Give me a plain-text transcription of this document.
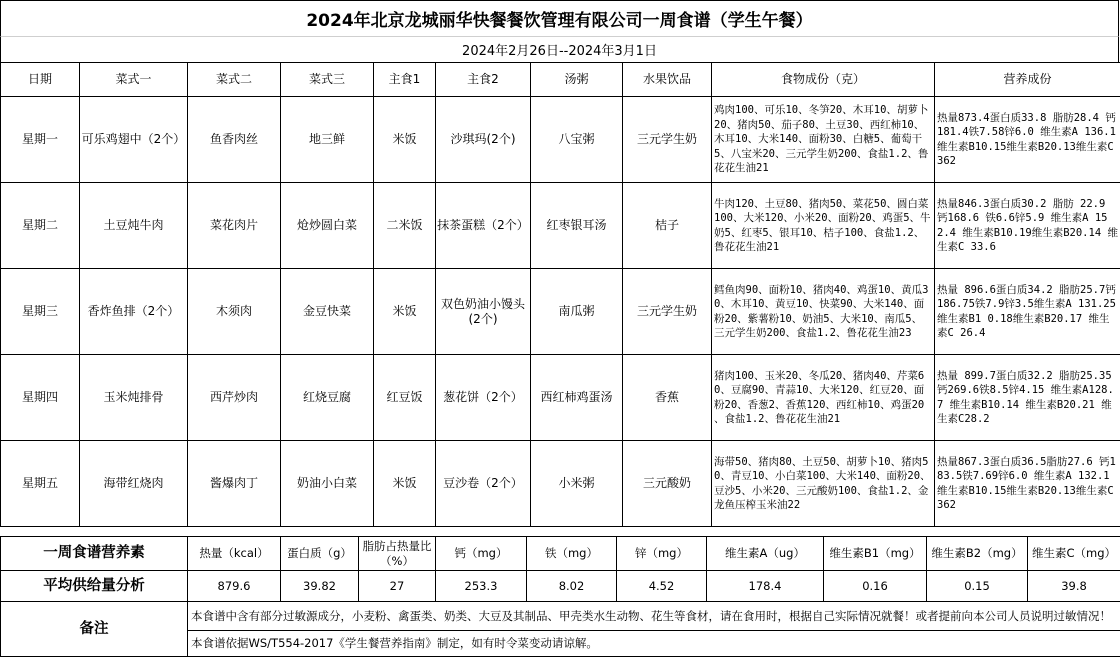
2024年北京龙城丽华快餐餐饮管理有限公司一周食谱（学生午餐）
2024年2月26日--2024年3月1日
日期	菜式一	菜式二	菜式三	主食1	主食2	汤粥	水果饮品	食物成份（克）	营养成份
星期一	可乐鸡翅中（2个）	鱼香肉丝	地三鲜	米饭	沙琪玛(2个)	八宝粥	三元学生奶	鸡肉100、可乐10、冬笋20、木耳10、胡萝卜20、猪肉50、茄子80、土豆30、西红柿10、木耳10、大米140、面粉30、白糖5、葡萄干5、八宝米20、三元学生奶200、食盐1.2、鲁花花生油21	热量873.4蛋白质33.8 脂肪28.4 钙181.4铁7.58锌6.0 维生素A 136.1维生素B10.15维生素B20.13维生素C362
星期二	土豆炖牛肉	菜花肉片	炝炒圆白菜	二米饭	抹茶蛋糕（2个）	红枣银耳汤	桔子	牛肉120、土豆80、猪肉50、菜花50、圆白菜100、大米120、小米20、面粉20、鸡蛋5、牛奶5、红枣5、银耳10、桔子100、食盐1.2、鲁花花生油21	热量846.3蛋白质30.2 脂肪 22.9 钙168.6 铁6.6锌5.9 维生素A 152.4 维生素B10.19维生素B20.14 维生素C 33.6
星期三	香炸鱼排（2个）	木须肉	金豆快菜	米饭	双色奶油小馒头(2个)	南瓜粥	三元学生奶	鳕鱼肉90、面粉10、猪肉40、鸡蛋10、黄瓜30、木耳10、黄豆10、快菜90、大米140、面粉20、紫薯粉10、奶油5、大米10、南瓜5、三元学生奶200、食盐1.2、鲁花花生油23	热量 896.6蛋白质34.2 脂肪25.7钙186.75铁7.9锌3.5维生素A 131.25维生素B1 0.18维生素B20.17 维生素C 26.4
星期四	玉米炖排骨	西芹炒肉	红烧豆腐	红豆饭	葱花饼（2个）	西红柿鸡蛋汤	香蕉	猪肉100、玉米20、冬瓜20、猪肉40、芹菜60、豆腐90、青蒜10、大米120、红豆20、面粉20、香葱2、香蕉120、西红柿10、鸡蛋20 、食盐1.2、鲁花花生油21	热量 899.7蛋白质32.2 脂肪25.35钙269.6铁8.5锌4.15 维生素A128.7 维生素B10.14 维生素B20.21 维生素C28.2
星期五	海带红烧肉	酱爆肉丁	奶油小白菜	米饭	豆沙卷（2个）	小米粥	三元酸奶	海带50、猪肉80、土豆50、胡萝卜10、猪肉50、青豆10、小白菜100、大米140、面粉20、豆沙5、小米20、三元酸奶100、食盐1.2、金龙鱼压榨玉米油22	热量867.3蛋白质36.5脂肪27.6 钙183.5铁7.69锌6.0 维生素A 132.1维生素B10.15维生素B20.13维生素C362
一周食谱营养素	热量（kcal）	蛋白质（g）	脂肪占热量比（%）	钙（mg）	铁（mg）	锌（mg）	维生素A（ug）	维生素B1（mg）	维生素B2（mg）	维生素C（mg）
平均供给量分析	879.6	39.82	27	253.3	8.02	4.52	178.4	0.16	0.15	39.8
备注	本食谱中含有部分过敏源成分，小麦粉、禽蛋类、奶类、大豆及其制品、甲壳类水生动物、花生等食材，请在食用时，根据自己实际情况就餐！或者提前向本公司人员说明过敏情况！									
	本食谱依据WS/T554-2017《学生餐营养指南》制定，如有时令菜变动请谅解。									
